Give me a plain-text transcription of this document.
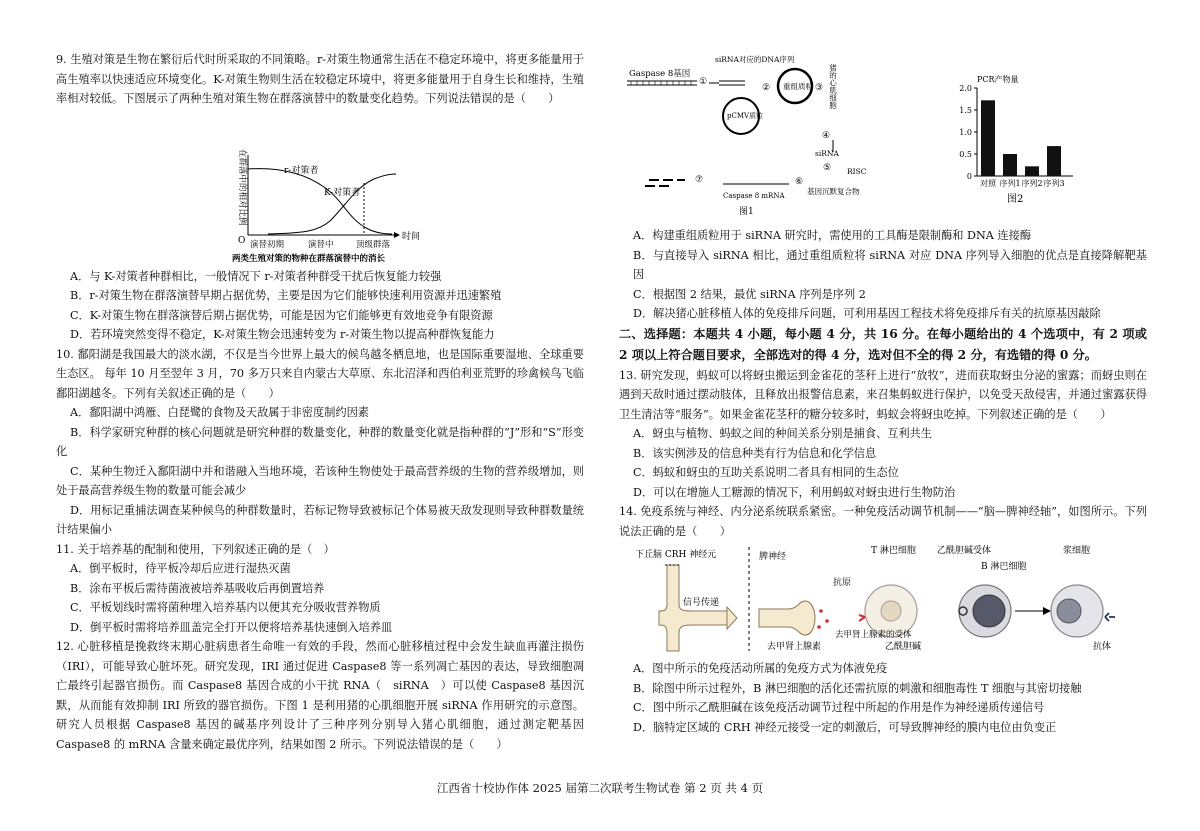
9. 生殖对策是生物在繁衍后代时所采取的不同策略。r-对策生物通常生活在不稳定环境中，将更多能量用于高生殖率以快速适应环境变化。K-对策生物则生活在较稳定环境中，将更多能量用于自身生长和维持，生殖率相对较低。下图展示了两种生殖对策生物在群落演替中的数量变化趋势。下列说法错误的是（　　）

在群落中的相对比例	r-对策者
K-对策者
O	时间
演替初期	演替中	顶级群落
两类生殖对策的物种在群落演替中的消长

A．与 K-对策者种群相比，一般情况下 r-对策者种群受干扰后恢复能力较强

B．r-对策生物在群落演替早期占据优势，主要是因为它们能够快速利用资源并迅速繁殖

C．K-对策生物在群落演替后期占据优势，可能是因为它们能够更有效地竞争有限资源

D．若环境突然变得不稳定，K-对策生物会迅速转变为 r-对策生物以提高种群恢复能力

10. 鄱阳湖是我国最大的淡水湖，不仅是当今世界上最大的候鸟越冬栖息地，也是国际重要湿地、全球重要生态区。 每年 10 月至翌年 3 月，70 多万只来自内蒙古大草原、东北沼泽和西伯利亚荒野的珍禽候鸟飞临鄱阳湖越冬。下列有关叙述正确的是（　　）

A．鄱阳湖中鸿雁、白琵鹭的食物及天敌属于非密度制约因素

B．科学家研究种群的核心问题就是研究种群的数量变化，种群的数量变化就是指种群的“J”形和“S”形变化

C．某种生物迁入鄱阳湖中并和谐融入当地环境，若该种生物使处于最高营养级的生物的营养级增加，则处于最高营养级生物的数量可能会减少

D．用标记重捕法调查某种候鸟的种群数量时，若标记物导致被标记个体易被天敌发现则导致种群数量统计结果偏小

11. 关于培养基的配制和使用，下列叙述正确的是（　）

A．倒平板时，待平板冷却后应进行湿热灭菌

B．涂布平板后需待菌液被培养基吸收后再倒置培养

C．平板划线时需将菌种埋入培养基内以便其充分吸收营养物质

D．倒平板时需将培养皿盖完全打开以便将培养基快速倒入培养皿

12. 心脏移植是挽救终末期心脏病患者生命唯一有效的手段，然而心脏移植过程中会发生缺血再灌注损伤（IRI），可能导致心脏坏死。研究发现，IRI 通过促进 Caspase8 等一系列凋亡基因的表达，导致细胞凋亡最终引起器官损伤。而 Caspase8 基因合成的小干扰 RNA（　siRNA　）可以使 Caspase8 基因沉默，从而能有效抑制 IRI 所致的器官损伤。下图 1 是利用猪的心肌细胞开展 siRNA 作用研究的示意图。研究人员根据 Caspase8 基因的碱基序列设计了三种序列分别导入猪心肌细胞，通过测定靶基因 Caspase8 的 mRNA 含量来确定最优序列，结果如图 2 所示。下列说法错误的是（　　）

Gaspase 8基因
①
siRNA对应的DNA序列
pCMV质粒
② 重组质粒 ③ 猪的心肌细胞
④
siRNA
⑤ RISC
⑥
基因沉默复合物
Caspase 8 mRNA
⑦
图1
PCR产物量
0
0.5
1.0
1.5
2.0
对照 序列1 序列2 序列3
图2

A．构建重组质粒用于 siRNA 研究时，需使用的工具酶是限制酶和 DNA 连接酶

B．与直接导入 siRNA 相比，通过重组质粒将 siRNA 对应 DNA 序列导入细胞的优点是直接降解靶基因

C．根据图 2 结果，最优 siRNA 序列是序列 2

D．解决猪心脏移植人体的免疫排斥问题，可利用基因工程技术将免疫排斥有关的抗原基因敲除

二、选择题：本题共 4 小题，每小题 4 分，共 16 分。在每小题给出的 4 个选项中，有 2 项或 2 项以上符合题目要求，全部选对的得 4 分，选对但不全的得 2 分，有选错的得 0 分。

13. 研究发现，蚂蚁可以将蚜虫搬运到金雀花的茎秆上进行“放牧”，进而获取蚜虫分泌的蜜露；而蚜虫则在遇到天敌时通过摆动肢体，且释放出报警信息素，来召集蚂蚁进行保护，以免受天敌侵害，并通过蜜露获得卫生清洁等“服务”。如果金雀花茎秆的糖分较多时，蚂蚁会将蚜虫吃掉。下列叙述正确的是（　　）

A．蚜虫与植物、蚂蚁之间的种间关系分别是捕食、互利共生

B．该实例涉及的信息种类有行为信息和化学信息

C．蚂蚁和蚜虫的互助关系说明二者具有相同的生态位

D．可以在增施人工糖源的情况下，利用蚂蚁对蚜虫进行生物防治

14. 免疫系统与神经、内分泌系统联系紧密。一种免疫活动调节机制——“脑—脾神经轴”，如图所示。下列说法正确的是（　　）

下丘脑 CRH 神经元
信号传递
脾神经
去甲肾上腺素
抗原
T 淋巴细胞
去甲肾上腺素的受体
乙酰胆碱
乙酰胆碱受体
B 淋巴细胞
浆细胞
抗体

A．图中所示的免疫活动所属的免疫方式为体液免疫

B．除图中所示过程外，B 淋巴细胞的活化还需抗原的刺激和细胞毒性 T 细胞与其密切接触

C．图中所示乙酰胆碱在该免疫活动调节过程中所起的作用是作为神经递质传递信号

D．脑特定区域的 CRH 神经元接受一定的刺激后，可导致脾神经的膜内电位由负变正

江西省十校协作体 2025 届第二次联考生物试卷 第 2 页 共 4 页
